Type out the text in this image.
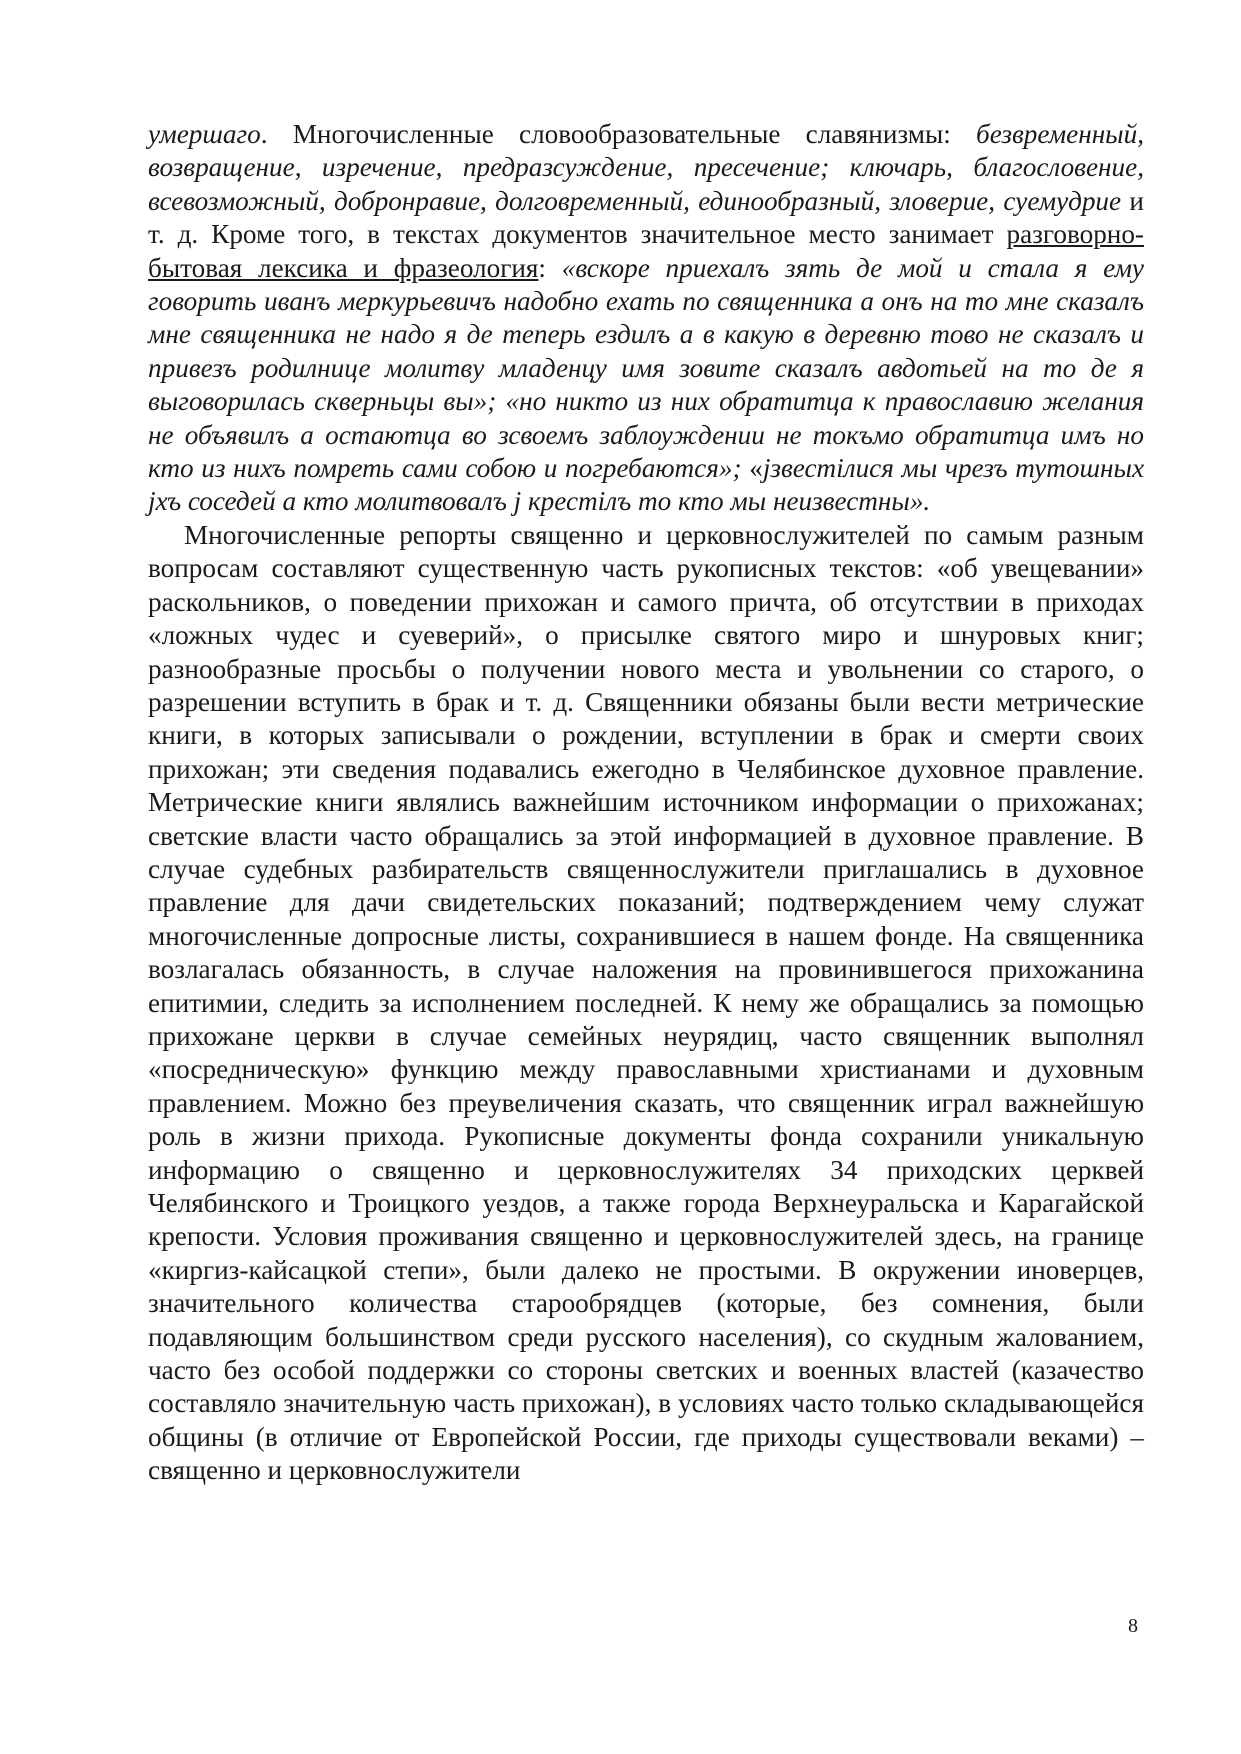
умершаго. Многочисленные словообразовательные славянизмы: безвременный, возвращение, изречение, предразсуждение, пресечение; ключарь, благословение, всевозможный, добронравие, долговременный, единообразный, зловерие, суемудрие и т. д. Кроме того, в текстах документов значительное место занимает разговорно-бытовая лексика и фразеология: «вскоре приехалъ зять де мой и стала я ему говорить иванъ меркурьевичъ надобно ехать по священника а онъ на то мне сказалъ мне священника не надо я де теперь ездилъ а в какую в деревню тово не сказалъ и привезъ родилнице молитву младенцу имя зовите сказалъ авдотьей на то де я выговорилась скверньцы вы»; «но никто из них обратитца к православию желания не объявилъ а остаютца во зсвоемъ заблѹждении не токъмо обратитца имъ но кто из нихъ помреть сами собою и погребаются»; «jзвестiлися мы чрезъ тутошных jхъ соседей а кто молитвовалъ j крестiлъ то кто мы неизвестны».

Многочисленные репорты священно и церковнослужителей по самым разным вопросам составляют существенную часть рукописных текстов: «об увещевании» раскольников, о поведении прихожан и самого причта, об отсутствии в приходах «ложных чудес и суеверий», о присылке святого миро и шнуровых книг; разнообразные просьбы о получении нового места и увольнении со старого, о разрешении вступить в брак и т. д. Священники обязаны были вести метрические книги, в которых записывали о рождении, вступлении в брак и смерти своих прихожан; эти сведения подавались ежегодно в Челябинское духовное правление. Метрические книги являлись важнейшим источником информации о прихожанах; светские власти часто обращались за этой информацией в духовное правление. В случае судебных разбирательств священнослужители приглашались в духовное правление для дачи свидетельских показаний; подтверждением чему служат многочисленные допросные листы, сохранившиеся в нашем фонде. На священника возлагалась обязанность, в случае наложения на провинившегося прихожанина епитимии, следить за исполнением последней. К нему же обращались за помощью прихожане церкви в случае семейных неурядиц, часто священник выполнял «посредническую» функцию между православными христианами и духовным правлением. Можно без преувеличения сказать, что священник играл важнейшую роль в жизни прихода. Рукописные документы фонда сохранили уникальную информацию о священно и церковнослужителях 34 приходских церквей Челябинского и Троицкого уездов, а также города Верхнеуральска и Карагайской крепости. Условия проживания священно и церковнослужителей здесь, на границе «киргиз-кайсацкой степи», были далеко не простыми. В окружении иноверцев, значительного количества старообрядцев (которые, без сомнения, были подавляющим большинством среди русского населения), со скудным жалованием, часто без особой поддержки со стороны светских и военных властей (казачество составляло значительную часть прихожан), в условиях часто только складывающейся общины (в отличие от Европейской России, где приходы существовали веками) – священно и церковнослужители

8
